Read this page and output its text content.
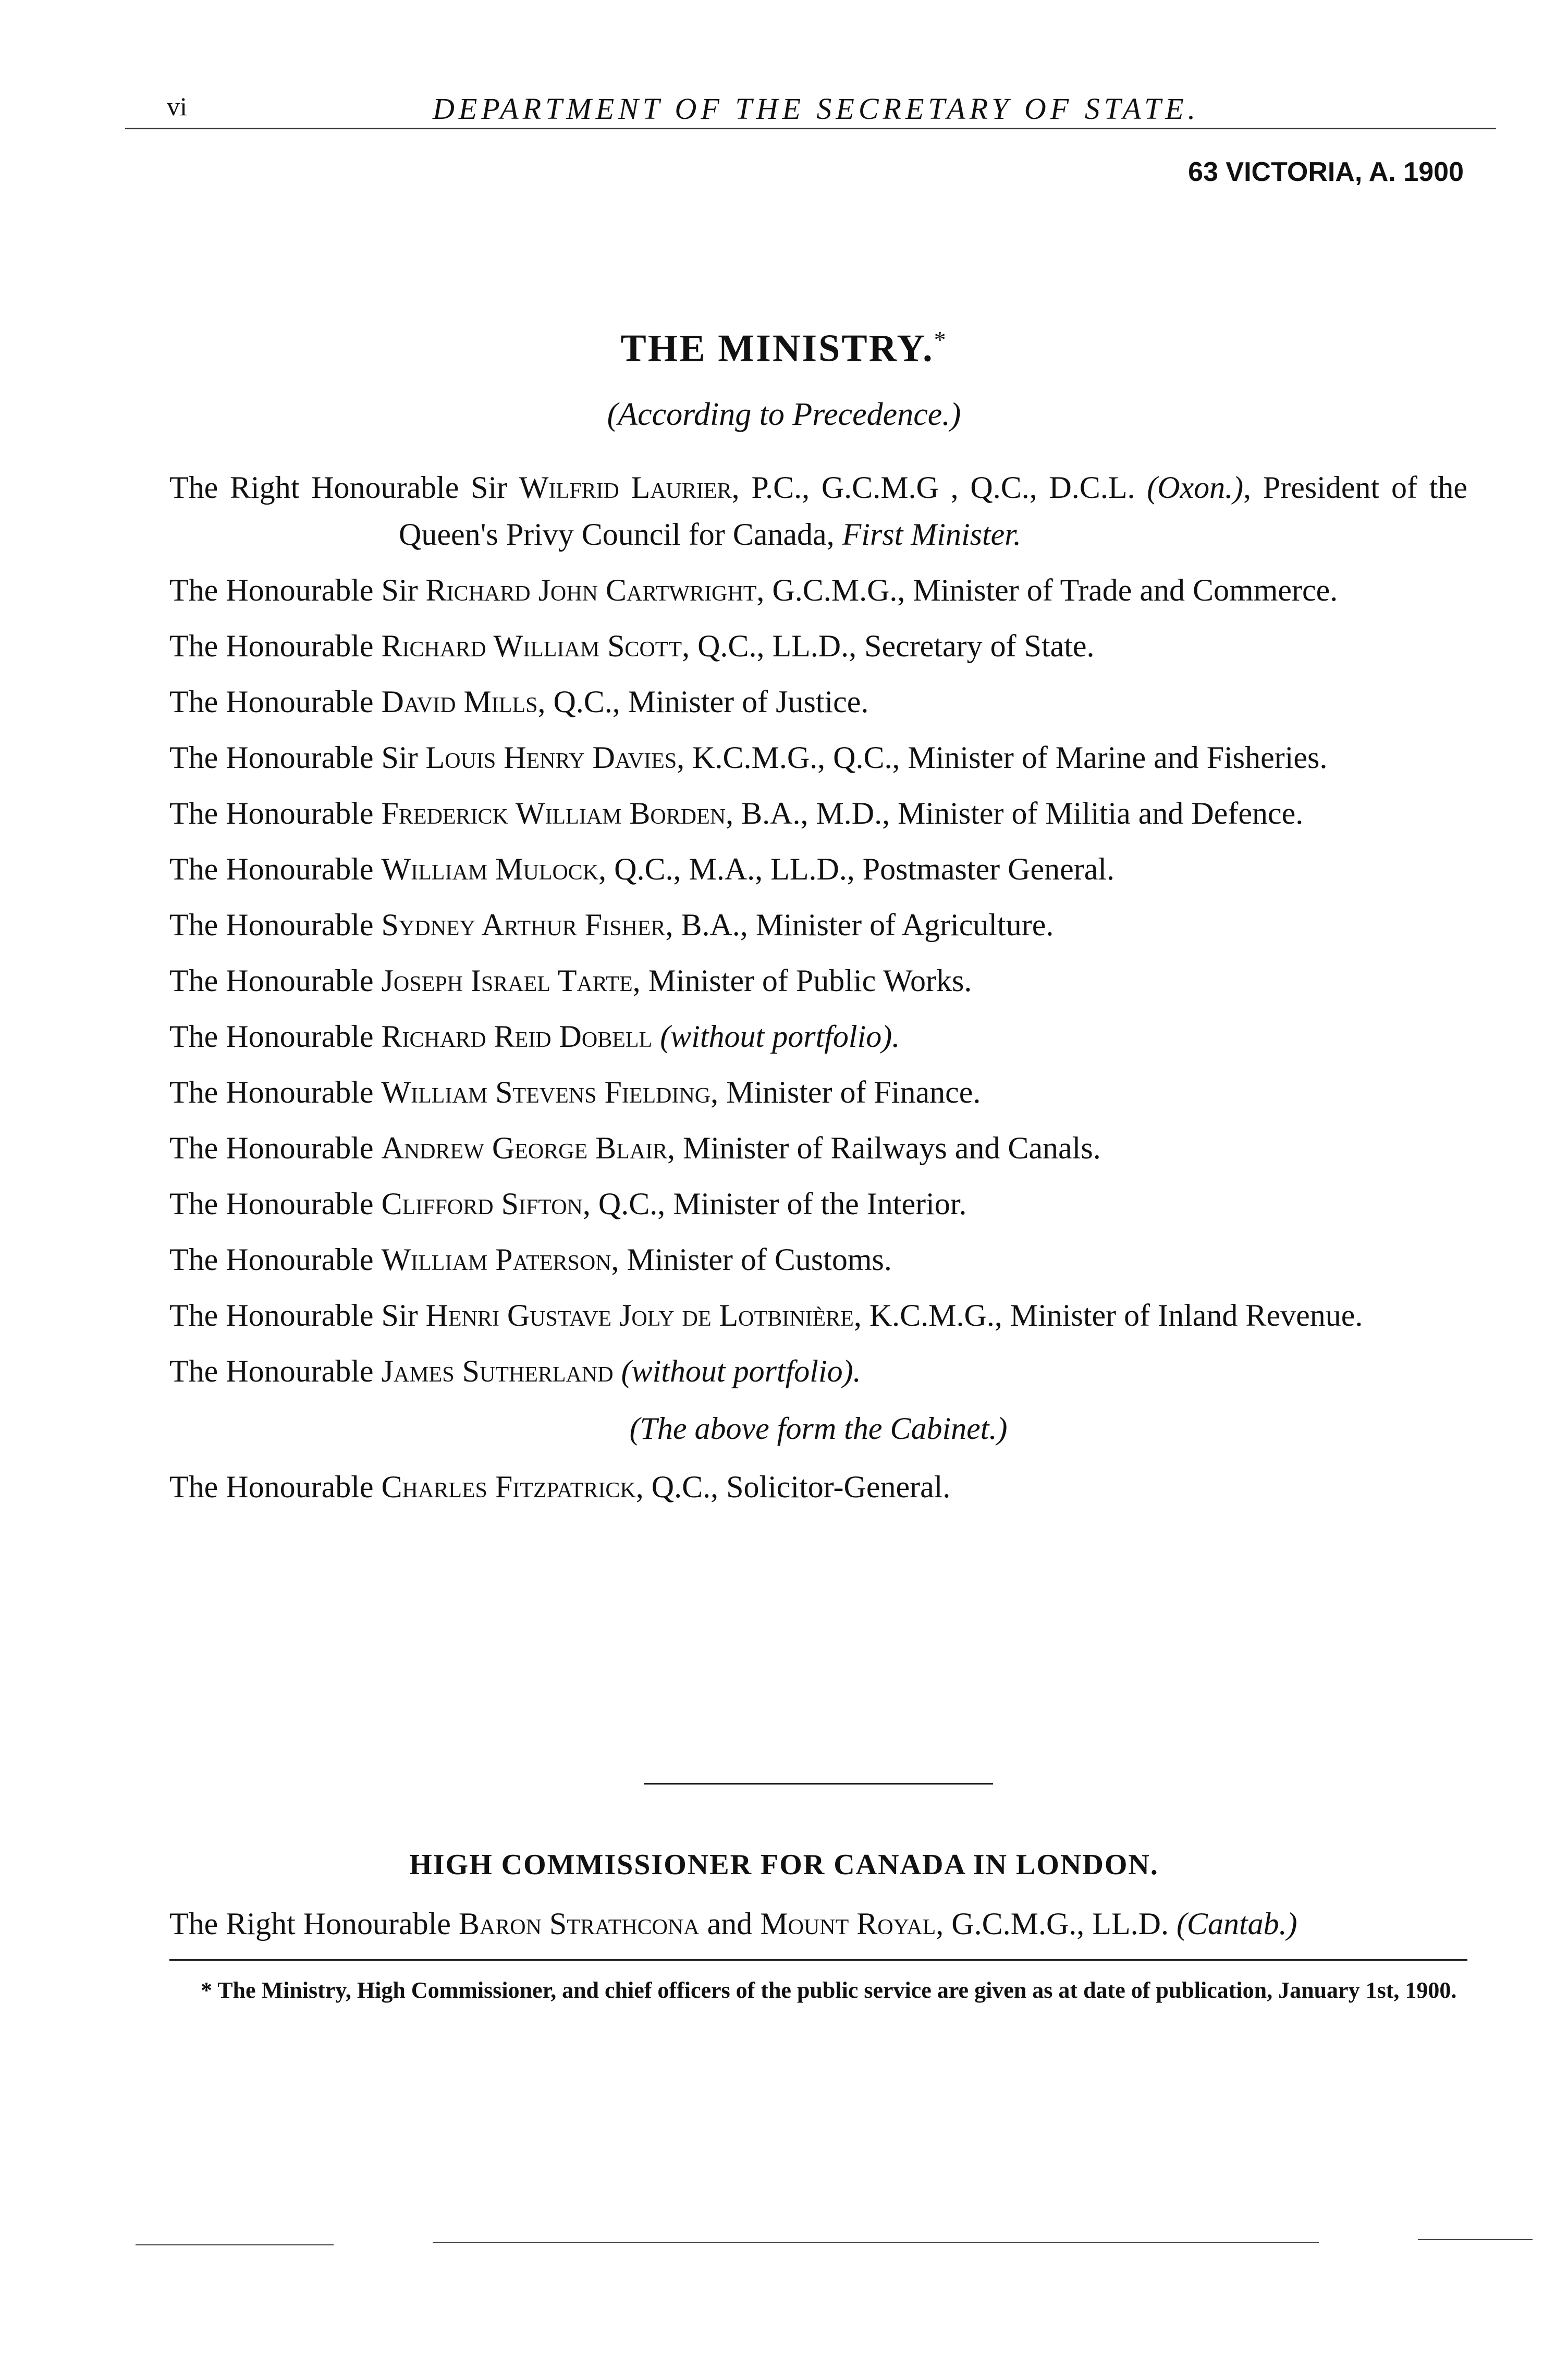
vi	DEPARTMENT OF THE SECRETARY OF STATE.
63 VICTORIA, A. 1900
THE MINISTRY.*
(According to Precedence.)
The Right Honourable Sir Wilfrid Laurier, P.C., G.C.M.G , Q.C., D.C.L. (Oxon.), President of the Queen's Privy Council for Canada, First Minister.
The Honourable Sir Richard John Cartwright, G.C.M.G., Minister of Trade and Commerce.
The Honourable Richard William Scott, Q.C., LL.D., Secretary of State.
The Honourable David Mills, Q.C., Minister of Justice.
The Honourable Sir Louis Henry Davies, K.C.M.G., Q.C., Minister of Marine and Fisheries.
The Honourable Frederick William Borden, B.A., M.D., Minister of Militia and Defence.
The Honourable William Mulock, Q.C., M.A., LL.D., Postmaster General.
The Honourable Sydney Arthur Fisher, B.A., Minister of Agriculture.
The Honourable Joseph Israel Tarte, Minister of Public Works.
The Honourable Richard Reid Dobell (without portfolio).
The Honourable William Stevens Fielding, Minister of Finance.
The Honourable Andrew George Blair, Minister of Railways and Canals.
The Honourable Clifford Sifton, Q.C., Minister of the Interior.
The Honourable William Paterson, Minister of Customs.
The Honourable Sir Henri Gustave Joly de Lotbinière, K.C.M.G., Minister of Inland Revenue.
The Honourable James Sutherland (without portfolio).
(The above form the Cabinet.)
The Honourable Charles Fitzpatrick, Q.C., Solicitor-General.
HIGH COMMISSIONER FOR CANADA IN LONDON.
The Right Honourable Baron Strathcona and Mount Royal, G.C.M.G., LL.D. (Cantab.)
* The Ministry, High Commissioner, and chief officers of the public service are given as at date of publication, January 1st, 1900.
